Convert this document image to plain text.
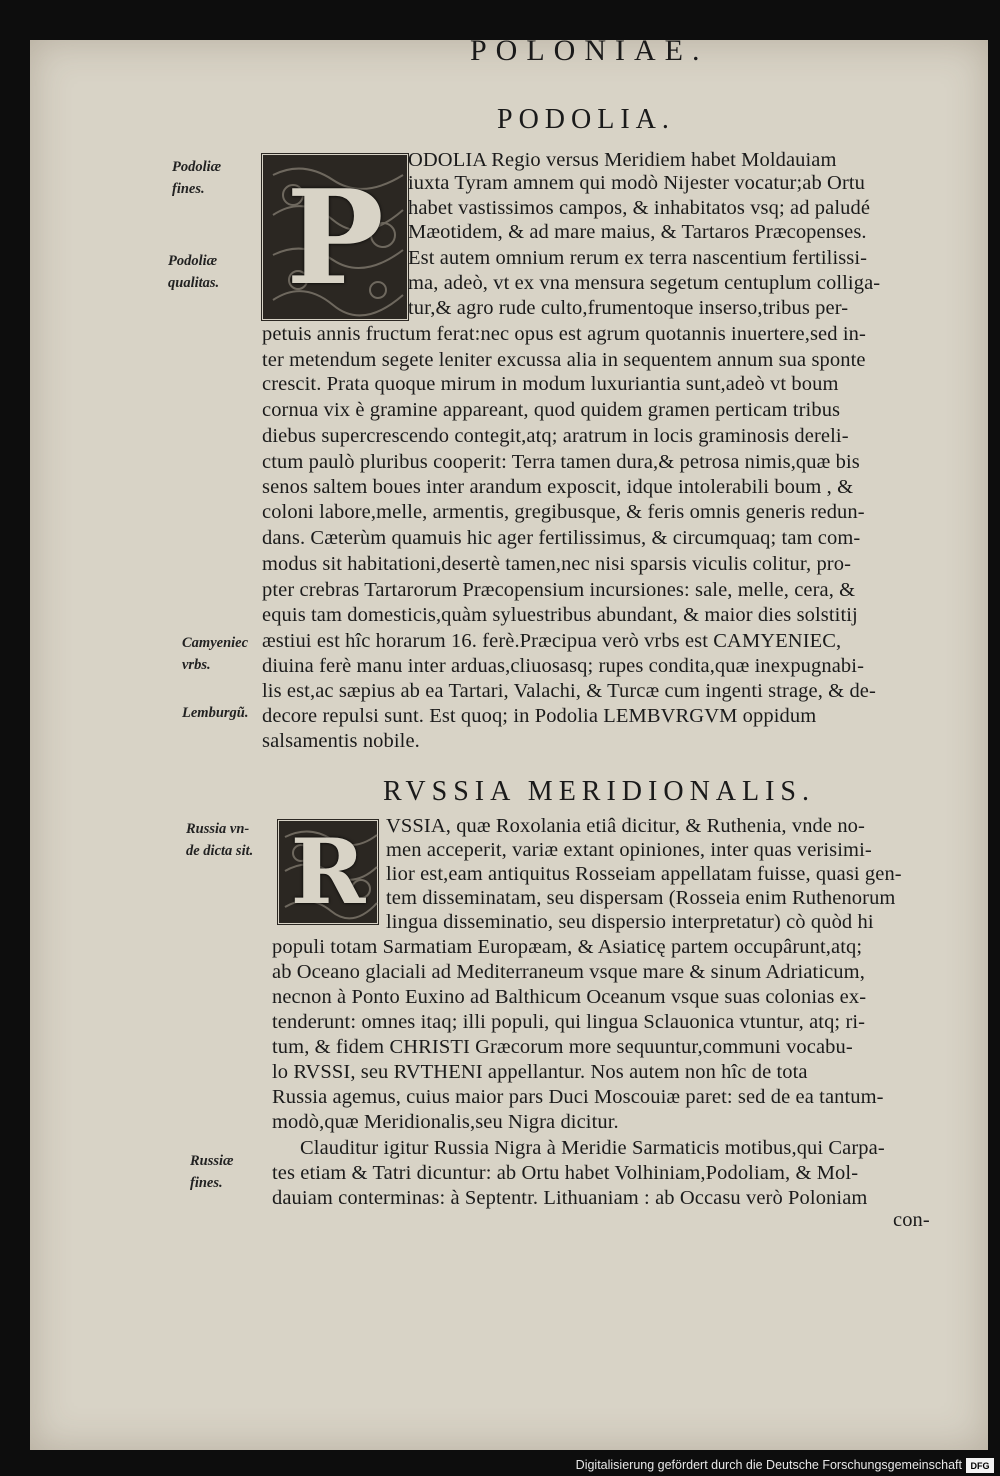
POLONIAE.
PODOLIA.
P
ODOLIA Regio versus Meridiem habet Moldauiam
iuxta Tyram amnem qui modò Nijester vocatur;ab Ortu
habet vastissimos campos, & inhabitatos vsq; ad paludé
Mæotidem, & ad mare maius, & Tartaros Præcopenses.
Est autem omnium rerum ex terra nascentium fertilissi-
ma, adeò, vt ex vna mensura segetum centuplum colliga-
tur,& agro rude culto,frumentoque inserso,tribus per-
petuis annis fructum ferat:nec opus est agrum quotannis inuertere,sed in-
ter metendum segete leniter excussa alia in sequentem annum sua sponte
crescit. Prata quoque mirum in modum luxuriantia sunt,adeò vt boum
cornua vix è gramine appareant, quod quidem gramen perticam tribus
diebus supercrescendo contegit,atq; aratrum in locis graminosis dereli-
ctum paulò pluribus cooperit: Terra tamen dura,& petrosa nimis,quæ bis
senos saltem boues inter arandum exposcit, idque intolerabili boum , &
coloni labore,melle, armentis, gregibusque, & feris omnis generis redun-
dans. Cæterùm quamuis hic ager fertilissimus, & circumquaq; tam com-
modus sit habitationi,desertè tamen,nec nisi sparsis viculis colitur, pro-
pter crebras Tartarorum Præcopensium incursiones: sale, melle, cera, &
equis tam domesticis,quàm syluestribus abundant, & maior dies solstitij
æstiui est hîc horarum 16. ferè.Præcipua verò vrbs est CAMYENIEC,
diuina ferè manu inter arduas,cliuosasq; rupes condita,quæ inexpugnabi-
lis est,ac sæpius ab ea Tartari, Valachi, & Turcæ cum ingenti strage, & de-
decore repulsi sunt. Est quoq; in Podolia LEMBVRGVM oppidum
salsamentis nobile.
RVSSIA MERIDIONALIS.
R VSSIA, quæ Roxolania etiâ dicitur, & Ruthenia, vnde no-
men acceperit, variæ extant opiniones, inter quas verisimi-
lior est,eam antiquitus Rosseiam appellatam fuisse, quasi gen-
tem disseminatam, seu dispersam (Rosseia enim Ruthenorum
lingua disseminatio, seu dispersio interpretatur) cò quòd hi
populi totam Sarmatiam Europæam, & Asiaticę partem occupârunt,atq;
ab Oceano glaciali ad Mediterraneum vsque mare & sinum Adriaticum,
necnon à Ponto Euxino ad Balthicum Oceanum vsque suas colonias ex-
tenderunt: omnes itaq; illi populi, qui lingua Sclauonica vtuntur, atq; ri-
tum, & fidem CHRISTI Græcorum more sequuntur,communi vocabu-
lo RVSSI, seu RVTHENI appellantur. Nos autem non hîc de tota
Russia agemus, cuius maior pars Duci Moscouiæ paret: sed de ea tantum-
modò,quæ Meridionalis,seu Nigra dicitur.
Clauditur igitur Russia Nigra à Meridie Sarmaticis motibus,qui Carpa-
tes etiam & Tatri dicuntur: ab Ortu habet Volhiniam,Podoliam, & Mol-
dauiam conterminas: à Septentr. Lithuaniam : ab Occasu verò Poloniam
con-
Podoliæ
fines.
Podoliæ
qualitas.
Camyeniec
vrbs.
Lemburgũ.
Russia vn-
de dicta sit.
Russiæ
fines.
Digitalisierung gefördert durch die Deutsche Forschungsgemeinschaft DFG
